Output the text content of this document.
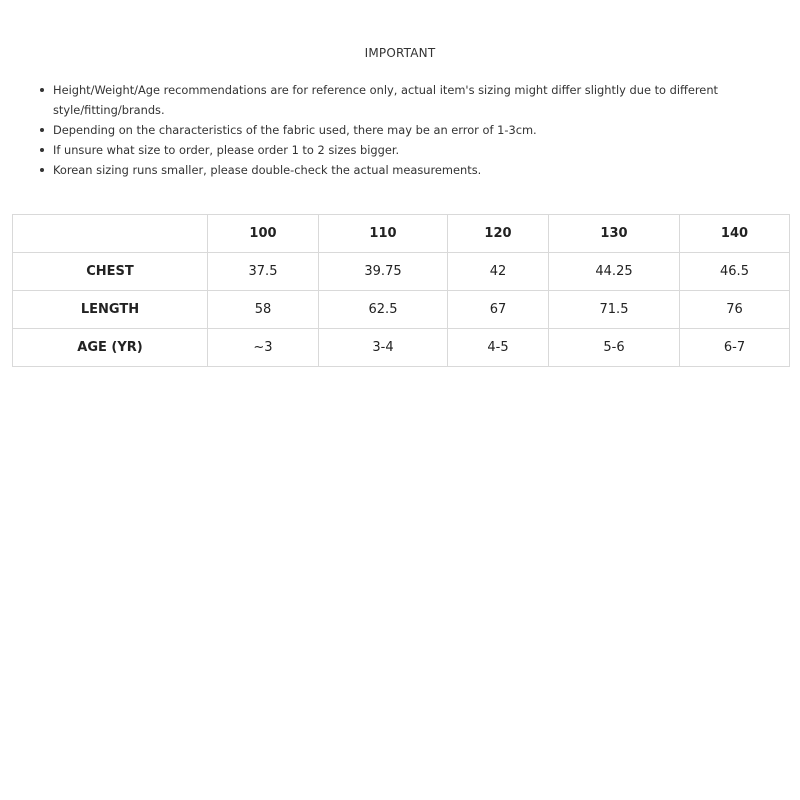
IMPORTANT
Height/Weight/Age recommendations are for reference only, actual item's sizing might differ slightly due to different style/fitting/brands.
Depending on the characteristics of the fabric used, there may be an error of 1-3cm.
If unsure what size to order, please order 1 to 2 sizes bigger.
Korean sizing runs smaller, please double-check the actual measurements.
	100	110	120	130	140
CHEST	37.5	39.75	42	44.25	46.5
LENGTH	58	62.5	67	71.5	76
AGE (YR)	~3	3-4	4-5	5-6	6-7
